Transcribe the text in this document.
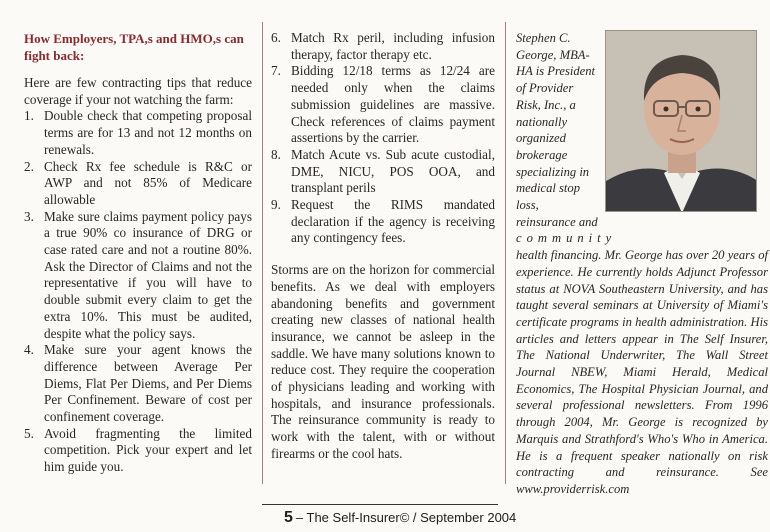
How Employers, TPA,s and HMO,s can fight back:
Here are few contracting tips that reduce coverage if your not watching the farm:
1. Double check that competing proposal terms are for 13 and not 12 months on renewals.
2. Check Rx fee schedule is R&C or AWP and not 85% of Medicare allowable
3. Make sure claims payment policy pays a true 90% co insurance of DRG or case rated care and not a routine 80%. Ask the Director of Claims and not the representative if you will have to double submit every claim to get the extra 10%. This must be audited, despite what the policy says.
4. Make sure your agent knows the difference between Average Per Diems, Flat Per Diems, and Per Diems Per Confinement. Beware of cost per confinement coverage.
5. Avoid fragmenting the limited competition. Pick your expert and let him guide you.
6. Match Rx peril, including infusion therapy, factor therapy etc.
7. Bidding 12/18 terms as 12/24 are needed only when the claims submission guidelines are massive. Check references of claims payment assertions by the carrier.
8. Match Acute vs. Sub acute custodial, DME, NICU, POS OOA, and transplant perils
9. Request the RIMS mandated declaration if the agency is receiving any contingency fees.
Storms are on the horizon for commercial benefits. As we deal with employers abandoning benefits and government creating new classes of national health insurance, we cannot be asleep in the saddle. We have many solutions known to reduce cost. They require the cooperation of physicians leading and working with hospitals, and insurance professionals. The reinsurance community is ready to work with the talent, with or without firearms or the cool hats.
Stephen C. George, MBA-HA is President of Provider Risk, Inc., a nationally organized brokerage specializing in medical stop loss, reinsurance and
community
health financing. Mr. George has over 20 years of experience. He currently holds Adjunct Professor status at NOVA Southeastern University, and has taught several seminars at University of Miami's certificate programs in health administration. His articles and letters appear in The Self Insurer, The National Underwriter, The Wall Street Journal NBEW, Miami Herald, Medical Economics, The Hospital Physician Journal, and several professional newsletters. From 1996 through 2004, Mr. George is recognized by Marquis and Strathford's Who's Who in America. He is a frequent speaker nationally on risk contracting and reinsurance. See www.providerrisk.com
5 – The Self-Insurer© / September 2004
